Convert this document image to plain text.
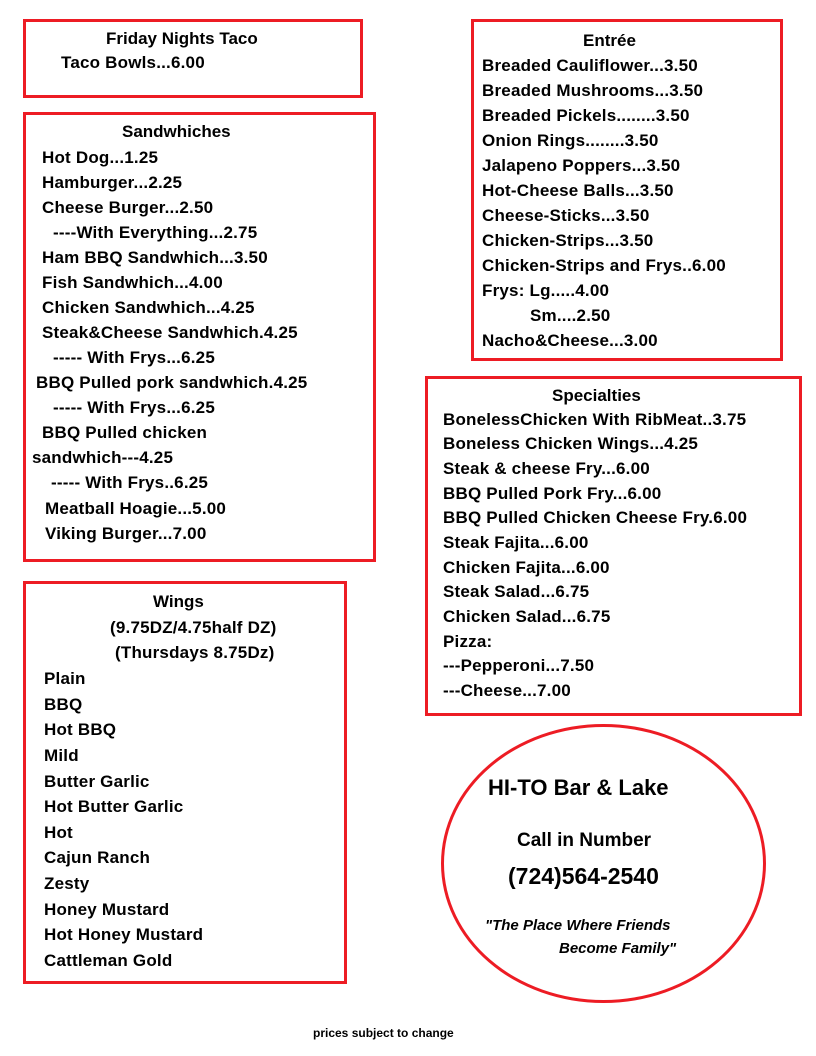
Friday Nights Taco
Taco Bowls...6.00
Sandwhiches
Hot Dog...1.25
Hamburger...2.25
Cheese Burger...2.50
----With Everything...2.75
Ham BBQ Sandwhich...3.50
Fish Sandwhich...4.00
Chicken Sandwhich...4.25
Steak&Cheese Sandwhich.4.25
----- With Frys...6.25
BBQ Pulled pork sandwhich.4.25
----- With Frys...6.25
BBQ Pulled chicken
sandwhich---4.25
----- With Frys..6.25
Meatball Hoagie...5.00
Viking Burger...7.00
Wings
(9.75DZ/4.75half DZ)
(Thursdays 8.75Dz)
Plain
BBQ
Hot BBQ
Mild
Butter Garlic
Hot Butter Garlic
Hot
Cajun Ranch
Zesty
Honey Mustard
Hot Honey Mustard
Cattleman Gold
Entrée
Breaded Cauliflower...3.50
Breaded Mushrooms...3.50
Breaded Pickels........3.50
Onion Rings........3.50
Jalapeno Poppers...3.50
Hot-Cheese Balls...3.50
Cheese-Sticks...3.50
Chicken-Strips...3.50
Chicken-Strips and Frys..6.00
Frys: Lg.....4.00
Sm....2.50
Nacho&Cheese...3.00
Specialties
BonelessChicken With RibMeat..3.75
Boneless Chicken Wings...4.25
Steak & cheese Fry...6.00
BBQ Pulled Pork Fry...6.00
BBQ Pulled Chicken Cheese Fry.6.00
Steak Fajita...6.00
Chicken Fajita...6.00
Steak Salad...6.75
Chicken Salad...6.75
Pizza:
---Pepperoni...7.50
---Cheese...7.00
HI-TO Bar & Lake
Call in Number
(724)564-2540
"The Place Where Friends
Become Family"
prices subject to change
